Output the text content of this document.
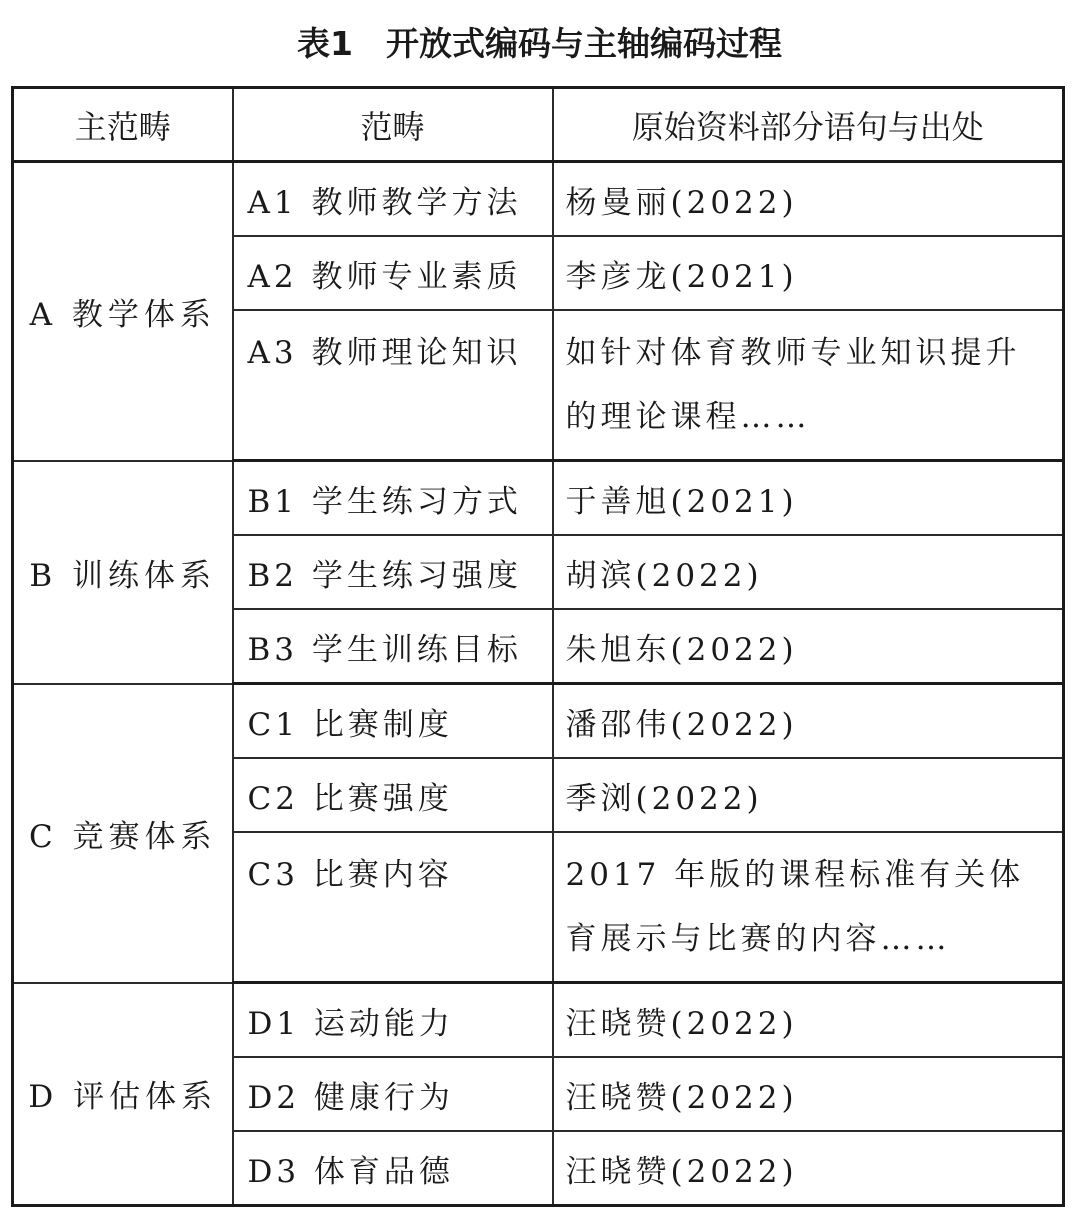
表1　开放式编码与主轴编码过程
主范畴	范畴	原始资料部分语句与出处
A 教学体系	A1 教师教学方法	杨曼丽(2022)
	A2 教师专业素质	李彦龙(2021)
	A3 教师理论知识	如针对体育教师专业知识提升的理论课程……
B 训练体系	B1 学生练习方式	于善旭(2021)
	B2 学生练习强度	胡滨(2022)
	B3 学生训练目标	朱旭东(2022)
C 竞赛体系	C1 比赛制度	潘邵伟(2022)
	C2 比赛强度	季浏(2022)
	C3 比赛内容	2017 年版的课程标准有关体育展示与比赛的内容……
D 评估体系	D1 运动能力	汪晓赞(2022)
	D2 健康行为	汪晓赞(2022)
	D3 体育品德	汪晓赞(2022)
